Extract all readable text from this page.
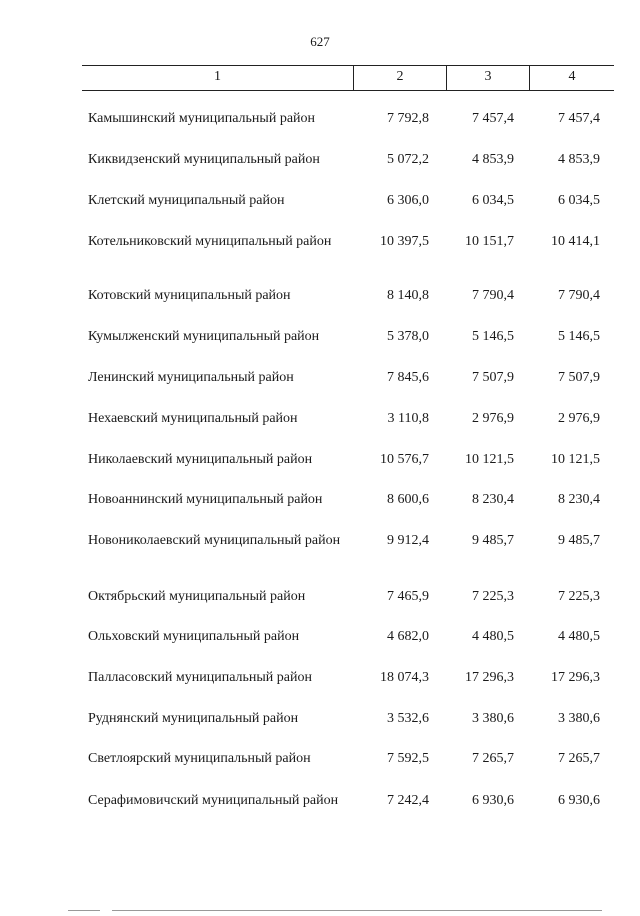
627
1	2	3	4
Камышинский муниципальный район	7 792,8	7 457,4	7 457,4
Киквидзенский муниципальный район	5 072,2	4 853,9	4 853,9
Клетский муниципальный район	6 306,0	6 034,5	6 034,5
Котельниковский муниципальный район	10 397,5	10 151,7	10 414,1
Котовский муниципальный район	8 140,8	7 790,4	7 790,4
Кумылженский муниципальный район	5 378,0	5 146,5	5 146,5
Ленинский муниципальный район	7 845,6	7 507,9	7 507,9
Нехаевский муниципальный район	3 110,8	2 976,9	2 976,9
Николаевский муниципальный район	10 576,7	10 121,5	10 121,5
Новоаннинский муниципальный район	8 600,6	8 230,4	8 230,4
Новониколаевский муниципальный район	9 912,4	9 485,7	9 485,7
Октябрьский муниципальный район	7 465,9	7 225,3	7 225,3
Ольховский муниципальный район	4 682,0	4 480,5	4 480,5
Палласовский муниципальный район	18 074,3	17 296,3	17 296,3
Руднянский муниципальный район	3 532,6	3 380,6	3 380,6
Светлоярский муниципальный район	7 592,5	7 265,7	7 265,7
Серафимовичский муниципальный район	7 242,4	6 930,6	6 930,6
